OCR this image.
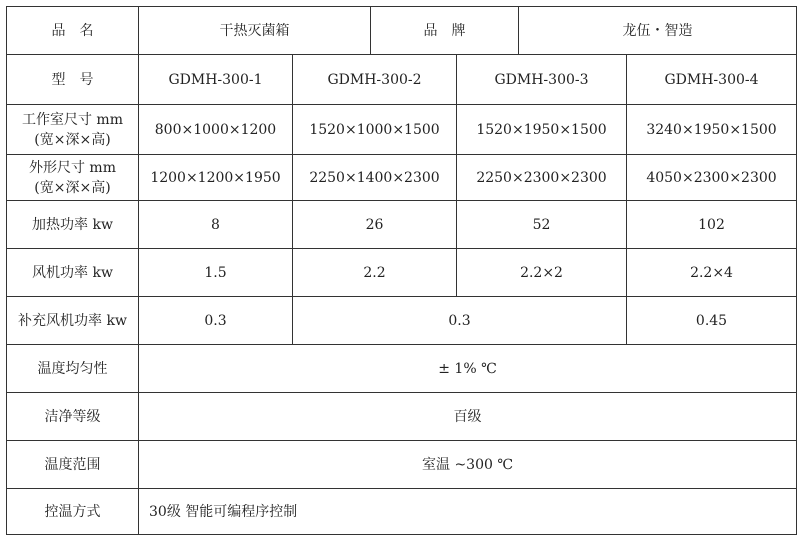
品　名	干热灭菌箱		品　牌		龙伍・智造	
型　号	GDMH-300-1	GDMH-300-2		GDMH-300-3		GDMH-300-4

工作室尺寸 mm
(宽×深×高)	800×1000×1200	1520×1000×1500		1520×1950×1500		3240×1950×1500

外形尺寸 mm
(宽×深×高)	1200×1200×1950	2250×1400×2300		2250×2300×2300		4050×2300×2300
加热功率 kw	8	26		52		102
风机功率 kw	1.5	2.2		2.2×2		2.2×4
补充风机功率 kw	0.3	0.3				0.45
温度均匀性	± 1% ℃					
洁净等级	百级					
温度范围	室温 ~300 ℃					
控温方式	30级 智能可编程序控制					
